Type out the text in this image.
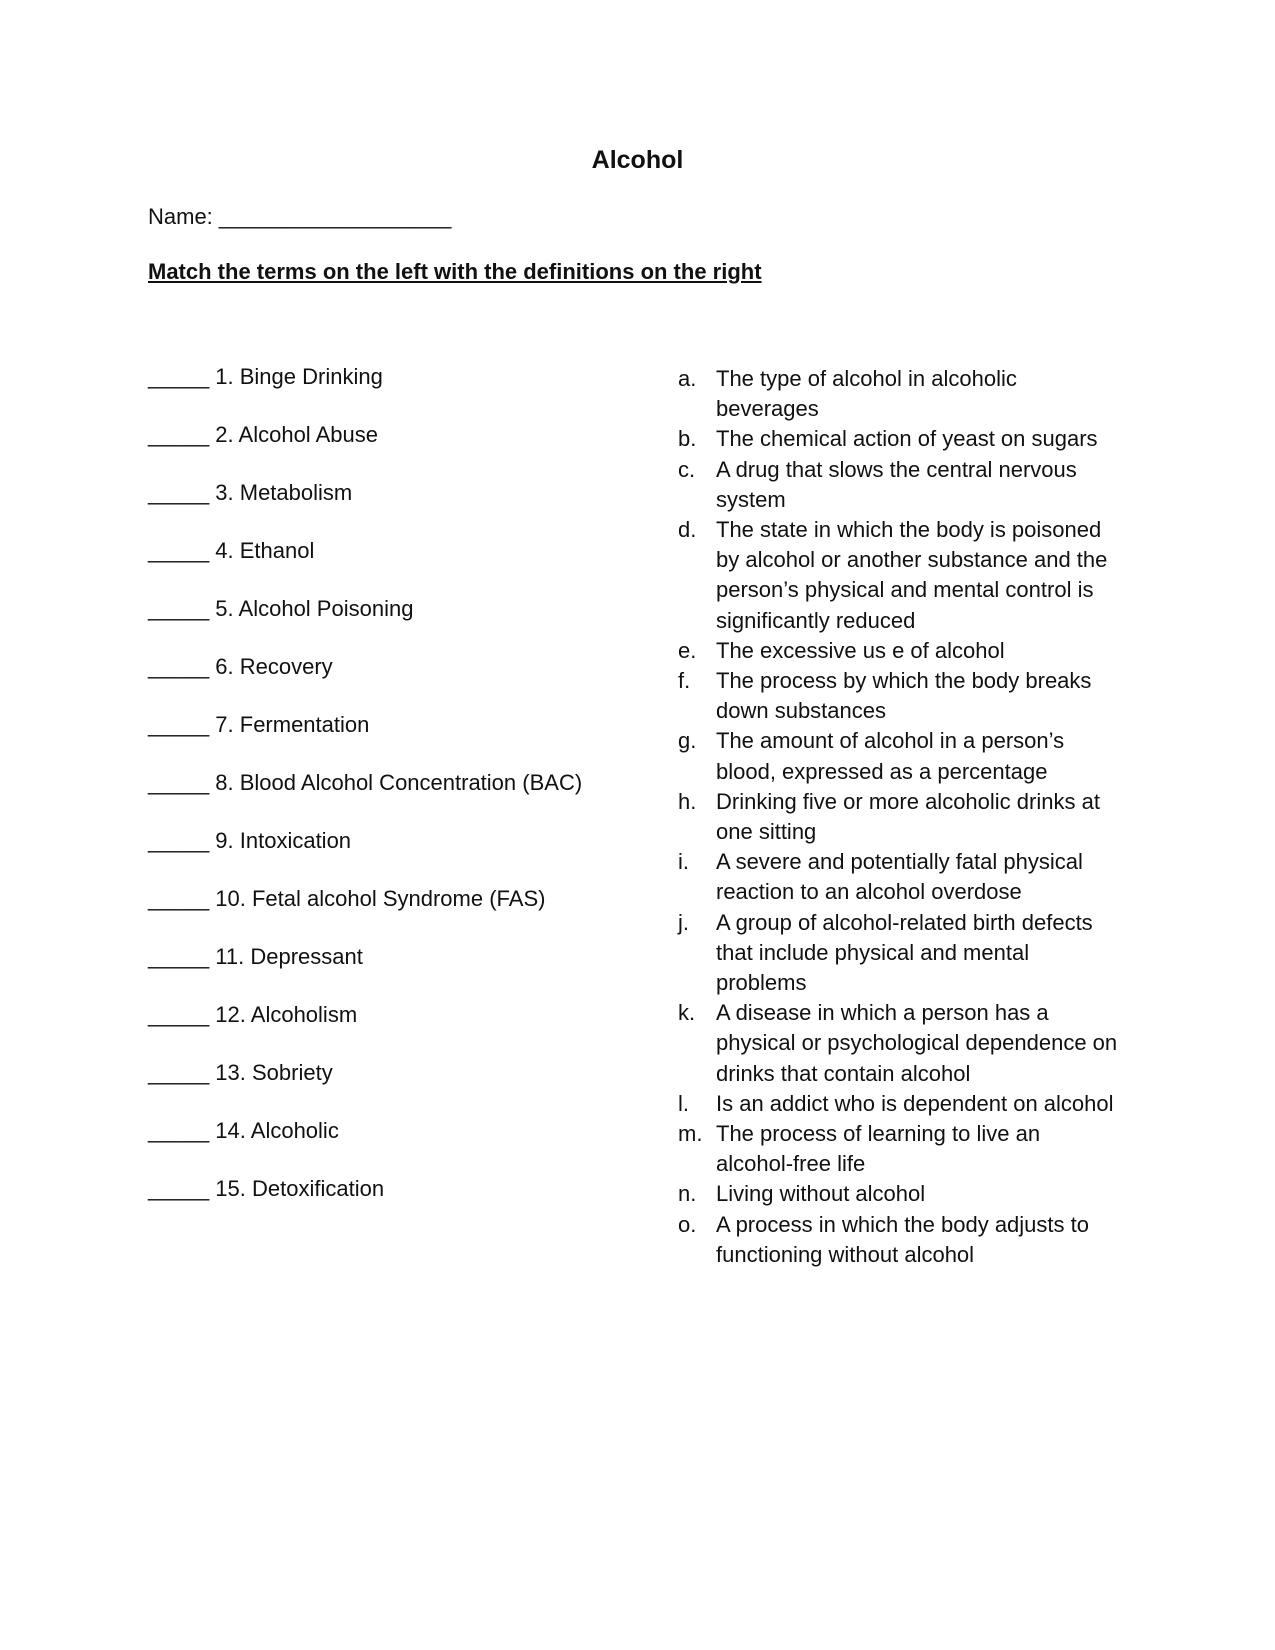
Alcohol
Name: ___________________
Match the terms on the left with the definitions on the right
_____ 1. Binge Drinking
_____ 2. Alcohol Abuse
_____ 3. Metabolism
_____ 4. Ethanol
_____ 5. Alcohol Poisoning
_____ 6. Recovery
_____ 7. Fermentation
_____ 8. Blood Alcohol Concentration (BAC)
_____ 9. Intoxication
_____ 10. Fetal alcohol Syndrome (FAS)
_____ 11. Depressant
_____ 12. Alcoholism
_____ 13. Sobriety
_____ 14. Alcoholic
_____ 15. Detoxification
a. The type of alcohol in alcoholic beverages
b. The chemical action of yeast on sugars
c. A drug that slows the central nervous system
d. The state in which the body is poisoned by alcohol or another substance and the person’s physical and mental control is significantly reduced
e. The excessive us e of alcohol
f.	The process by which the body breaks down substances
g. The amount of alcohol in a person’s blood, expressed as a percentage
h. Drinking five or more alcoholic drinks at one sitting
i.	A severe and potentially fatal physical reaction to an alcohol overdose
j.	A group of alcohol-related birth defects that include physical and mental problems
k. A disease in which a person has a physical or psychological dependence on drinks that contain alcohol
l.	Is an addict who is dependent on alcohol
m. The process of learning to live an alcohol-free life
n. Living without alcohol
o. A process in which the body adjusts to functioning without alcohol
